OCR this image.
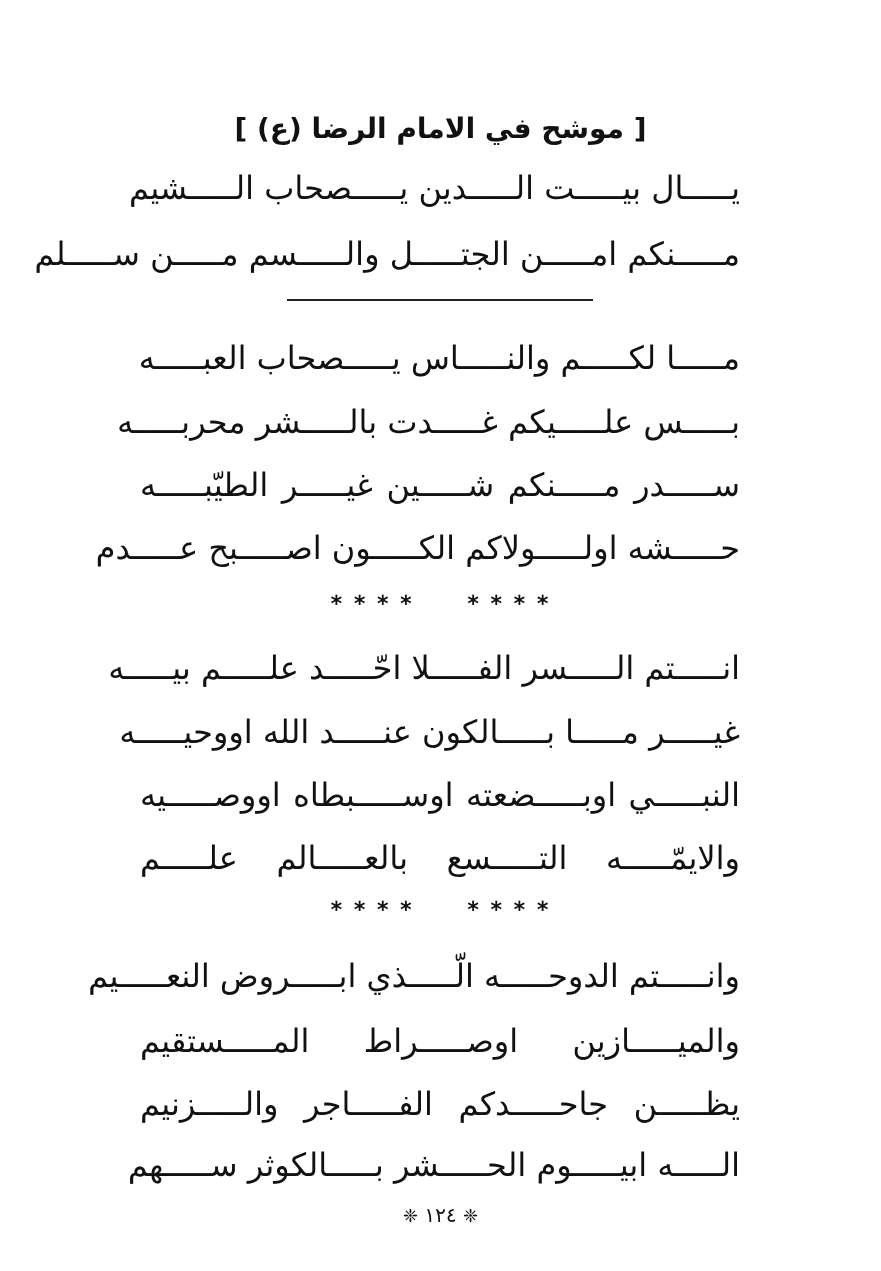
[ موشح في الامام الرضا (ع) ]
يـــــال بيـــــت الـــــدين يـــــصحاب الـــــشيم
مـــــنكم امـــــن الجتـــــل والـــــسم مـــــن ســـــلم
مـــــا لكـــــم والنـــــاس يـــــصحاب العبـــــه
بـــــس علـــــيكم غـــــدت بالـــــشر محربـــــه
ســـــدر مـــــنكم شـــــين غيـــــر الطيّبـــــه
حـــــشه اولـــــولاكم الكـــــون اصـــــبح عـــــدم
* * * * * * * *
انـــــتم الـــــسر الفـــــلا احّـــــد علـــــم بيـــــه
غيـــــر مـــــا بـــــالكون عنـــــد الله اووحيـــــه
النبـــــي اوبـــــضعته اوســـــبطاه اووصـــــيه
والايمّـــــه التـــــسع بالعـــــالم علـــــم
* * * * * * * *
وانـــــتم الدوحـــــه الّـــــذي ابـــــروض النعـــــيم
والميـــــازين اوصـــــراط المـــــستقيم
يظـــــن جاحـــــدكم الفـــــاجر والـــــزنيم
الـــــه ابيـــــوم الحـــــشر بـــــالكوثر ســـــهم
❈ ١٢٤ ❈
